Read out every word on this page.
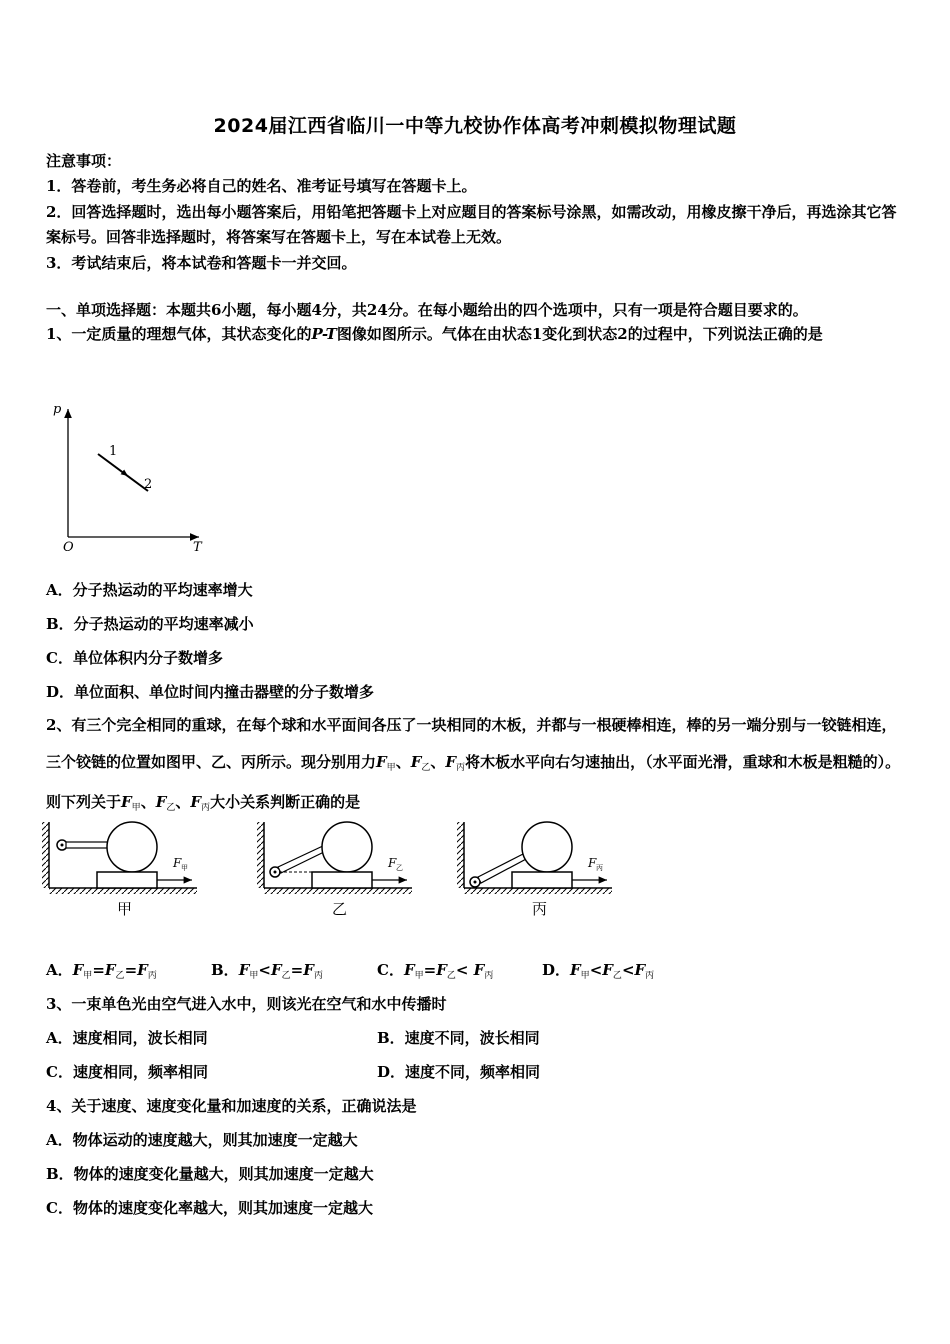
2024届江西省临川一中等九校协作体高考冲刺模拟物理试题
注意事项：
1．答卷前，考生务必将自己的姓名、准考证号填写在答题卡上。
2．回答选择题时，选出每小题答案后，用铅笔把答题卡上对应题目的答案标号涂黑，如需改动，用橡皮擦干净后，再选涂其它答案标号。回答非选择题时，将答案写在答题卡上，写在本试卷上无效。
3．考试结束后，将本试卷和答题卡一并交回。
一、单项选择题：本题共6小题，每小题4分，共24分。在每小题给出的四个选项中，只有一项是符合题目要求的。
1、一定质量的理想气体，其状态变化的P-T图像如图所示。气体在由状态1变化到状态2的过程中，下列说法正确的是
p
T
O
1
2
A．分子热运动的平均速率增大
B．分子热运动的平均速率减小
C．单位体积内分子数增多
D．单位面积、单位时间内撞击器壁的分子数增多
2、有三个完全相同的重球，在每个球和水平面间各压了一块相同的木板，并都与一根硬棒相连，棒的另一端分别与一铰链相连，三个铰链的位置如图甲、乙、丙所示。现分别用力$F_甲$、$F_乙$、$F_丙$将木板水平向右匀速抽出，（水平面光滑，重球和木板是粗糙的）。则下列关于$F_甲$、$F_乙$、$F_丙$大小关系判断正确的是
F 甲
甲
F 乙
乙
F 丙
丙
A．$F_甲=F_乙=F_丙$	B．$F_甲<F_乙=F_丙$	C．$F_甲=F_乙< F_丙$	D．$F_甲<F_乙<F_丙$
3、一束单色光由空气进入水中，则该光在空气和水中传播时
A．速度相同，波长相同	B．速度不同，波长相同
C．速度相同，频率相同	D．速度不同，频率相同
4、关于速度、速度变化量和加速度的关系，正确说法是
A．物体运动的速度越大，则其加速度一定越大
B．物体的速度变化量越大，则其加速度一定越大
C．物体的速度变化率越大，则其加速度一定越大
